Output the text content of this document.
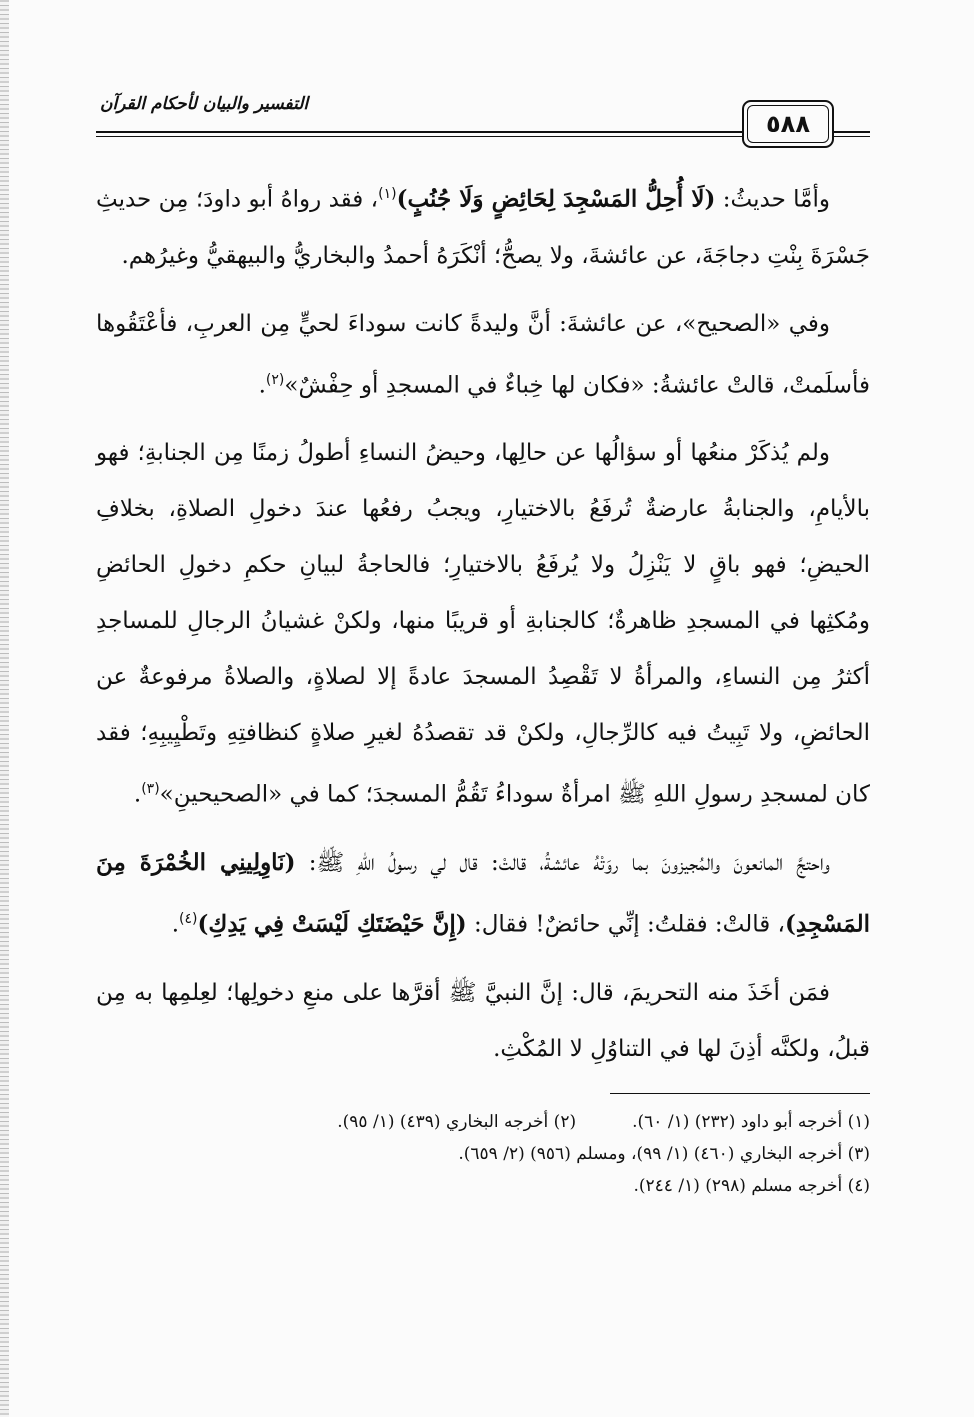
٥٨٨
التفسير والبيان لأحكام القرآن

وأمَّا حديثُ: (لَا أُحِلُّ المَسْجِدَ لِحَائِضٍ وَلَا جُنُبٍ)$^{(١)}$، فقد رواهُ أبو داودَ؛ مِن حديثِ جَسْرَةَ بِنْتِ دجاجَةَ، عن عائشةَ، ولا يصحُّ؛ أنْكَرَهُ أحمدُ والبخاريُّ والبيهقيُّ وغيرُهم.

وفي «الصحيح»، عن عائشةَ: أنَّ وليدةً كانت سوداءَ لحيٍّ مِن العربِ، فأعْتَقُوها فأسلَمتْ، قالتْ عائشةُ: «فكان لها خِباءٌ في المسجدِ أو حِفْشٌ»$^{(٢)}$.

ولم يُذكَرْ منعُها أو سؤالُها عن حالِها، وحيضُ النساءِ أطولُ زمنًا مِن الجنابةِ؛ فهو بالأيامِ، والجنابةُ عارضةٌ تُرفَعُ بالاختيارِ، ويجبُ رفعُها عندَ دخولِ الصلاةِ، بخلافِ الحيضِ؛ فهو باقٍ لا يَنْزِلُ ولا يُرفَعُ بالاختيارِ؛ فالحاجةُ لبيانِ حكمِ دخولِ الحائضِ ومُكثِها في المسجدِ ظاهرةٌ؛ كالجنابةِ أو قريبًا منها، ولكنْ غشيانُ الرجالِ للمساجدِ أكثرُ مِن النساءِ، والمرأةُ لا تَقْصِدُ المسجدَ عادةً إلا لصلاةٍ، والصلاةُ مرفوعةٌ عن الحائضِ، ولا تَبِيتُ فيه كالرِّجالِ، ولكنْ قد تقصدُهُ لغيرِ صلاةٍ كنظافتِهِ وتَطْيِيبِهِ؛ فقد كان لمسجدِ رسولِ اللهِ ﷺ امرأةٌ سوداءُ تَقُمُّ المسجدَ؛ كما في «الصحيحينِ»$^{(٣)}$.

واحتجَّ المانعونَ والمُجيزونَ بما روَتْهُ عائشةُ، قالتْ: قال لي رسولُ اللهِ ﷺ: (نَاوِلِينِي الخُمْرَةَ مِنَ المَسْجِدِ)، قالتْ: فقلتُ: إنِّي حائضٌ! فقال: (إِنَّ حَيْضَتَكِ لَيْسَتْ فِي يَدِكِ)$^{(٤)}$.

فمَن أخَذَ منه التحريمَ، قال: إنَّ النبيَّ ﷺ أقرَّها على منعِ دخولِها؛ لعِلمِها به مِن قبلُ، ولكنَّه أذِنَ لها في التناوُلِ لا المُكْثِ.

(١) أخرجه أبو داود (٢٣٢) (١/ ٦٠).
(٢) أخرجه البخاري (٤٣٩) (١/ ٩٥).
(٣) أخرجه البخاري (٤٦٠) (١/ ٩٩)، ومسلم (٩٥٦) (٢/ ٦٥٩).
(٤) أخرجه مسلم (٢٩٨) (١/ ٢٤٤).
